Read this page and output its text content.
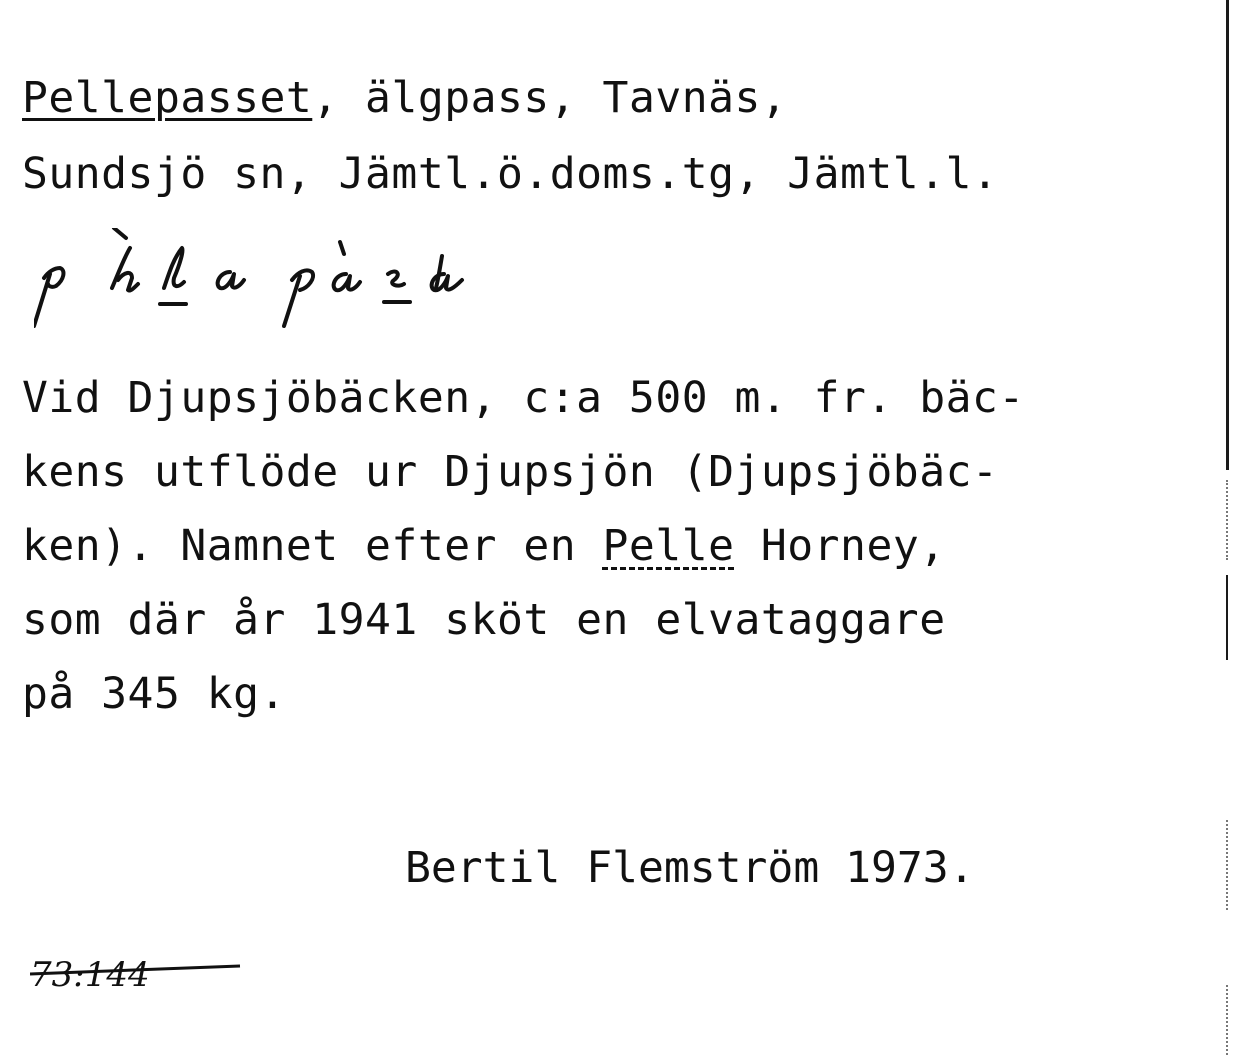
Pellepasset, älgpass, Tavnäs,
Sundsjö sn, Jämtl.ö.doms.tg, Jämtl.l.
Vid Djupsjöbäcken, c:a 500 m. fr. bäc-
kens utflöde ur Djupsjön (Djupsjöbäc-
ken). Namnet efter en Pelle Horney,
som där år 1941 sköt en elvataggare
på 345 kg.
Bertil Flemström 1973.
73:144
